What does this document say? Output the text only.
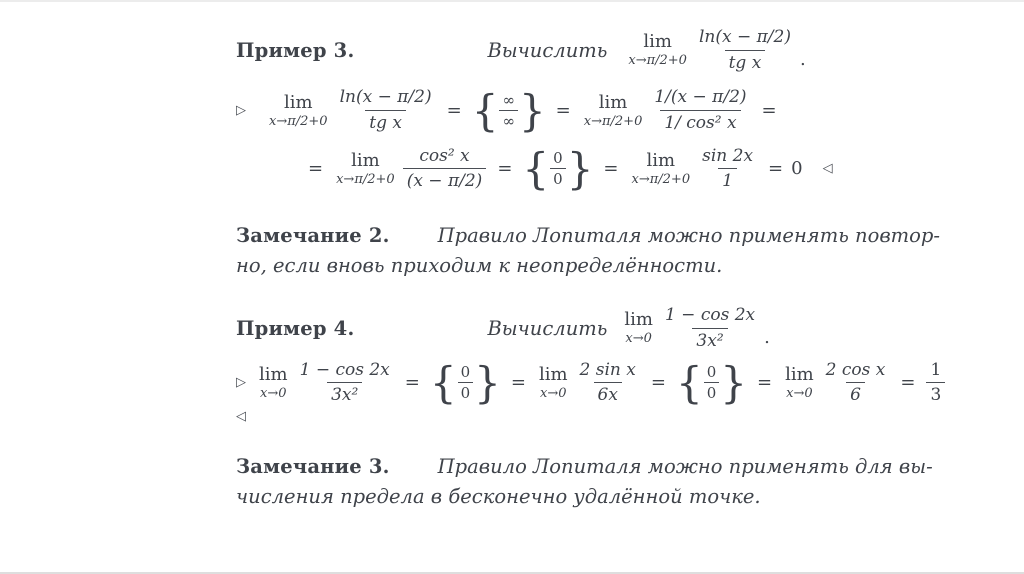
Пример 3.	Вычислить lim
$x\to\pi/2+0 \frac{\ln(x - \pi/2)}{\text{tg x}}$ .
▷ lim
$x\to\pi/2+0 \frac{\ln(x - \pi/2)}{\text{tg x}}$ = { $\frac{\infty}{\infty}$ } = lim
$x\to\pi/2+0 \frac{1/(x - \pi/2)}{\text{1/ cos² x}}$ =
= lim
$x\to\pi/2+0 \frac{\text{cos² x}}{(x - \pi/2)}$ = { $\frac{0}{0}$ } = lim
$x\to\pi/2+0 \frac{\sin 2x}{1} = 0$ ◁
Замечание 2. Правило Лопиталя можно применять повтор-
но, если вновь приходим к неопределённости.
Пример 4.	Вычислить lim
$x\to 0 \frac{1 - \cos 2x}{\text{3x²}}$ .
▷ lim
$x\to 0 \frac{1 - \cos 2x}{\text{3x²}}$ = { $\frac{0}{0}$ } = lim
$x\to 0 \frac{\text{2 sin x}}{6x}$ = { $\frac{0}{0}$ } = lim
$x\to 0 \frac{\text{2 cos x}}{6} = \frac{1}{3}$
◁
Замечание 3. Правило Лопиталя можно применять для вы-
числения предела в бесконечно удалённой точке.
